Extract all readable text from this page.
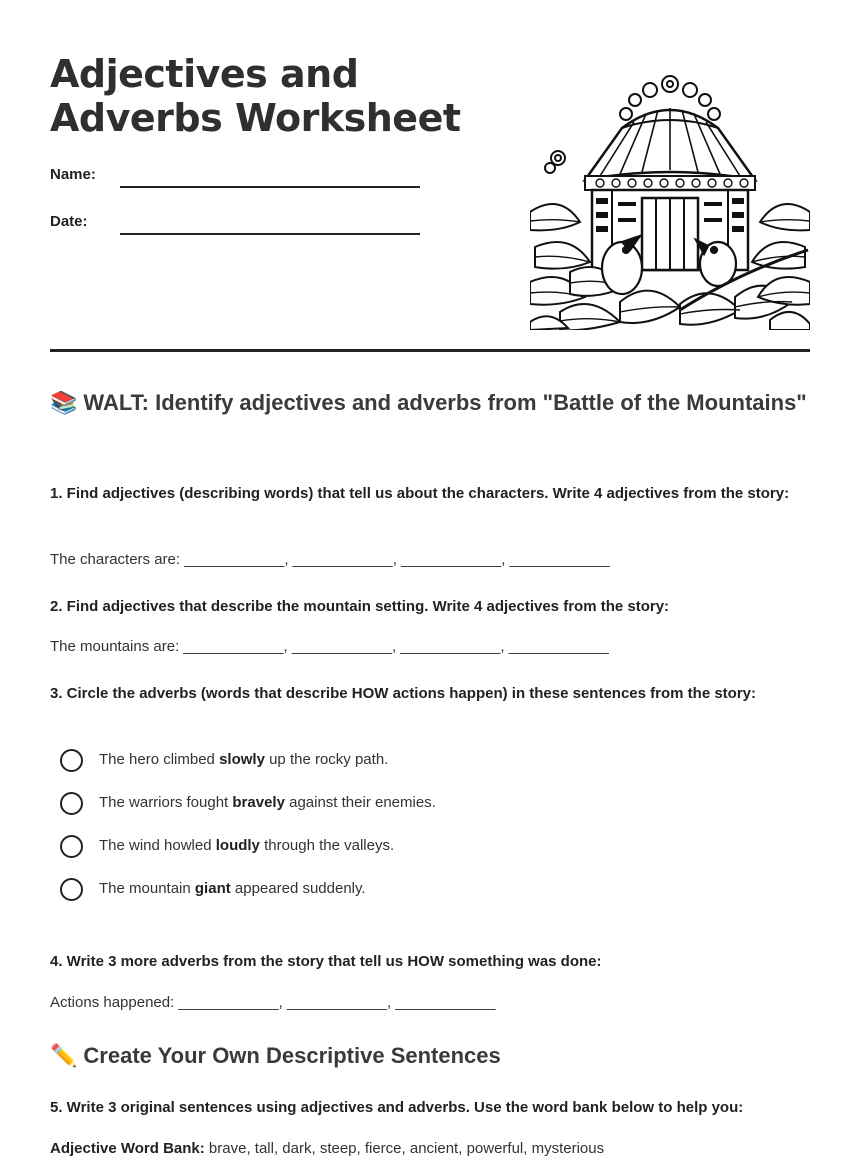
Adjectives and Adverbs Worksheet
Name:
Date:
📚 WALT: Identify adjectives and adverbs from "Battle of the Mountains"

1. Find adjectives (describing words) that tell us about the characters. Write 4 adjectives from the story:

The characters are: ____________, ____________, ____________, ____________

2. Find adjectives that describe the mountain setting. Write 4 adjectives from the story:

The mountains are: ____________, ____________, ____________, ____________

3. Circle the adverbs (words that describe HOW actions happen) in these sentences from the story:

The hero climbed slowly up the rocky path.
The warriors fought bravely against their enemies.
The wind howled loudly through the valleys.
The mountain giant appeared suddenly.

4. Write 3 more adverbs from the story that tell us HOW something was done:

Actions happened: ____________, ____________, ____________

✏️ Create Your Own Descriptive Sentences

5. Write 3 original sentences using adjectives and adverbs. Use the word bank below to help you:

Adjective Word Bank: brave, tall, dark, steep, fierce, ancient, powerful, mysterious
